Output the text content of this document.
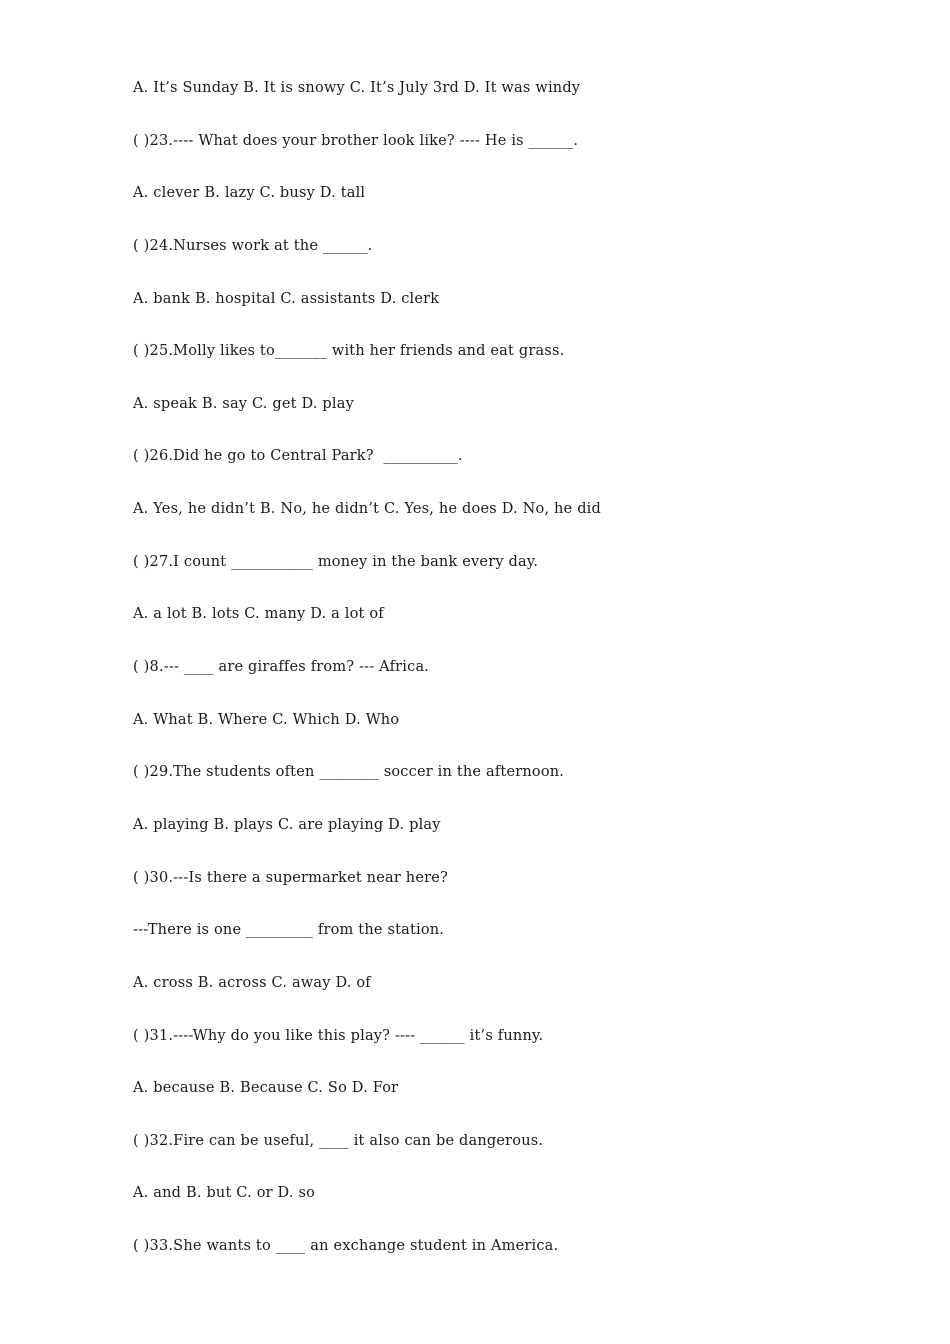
A. It’s Sunday B. It is snowy C. It’s July 3rd D. It was windy
( )23.---- What does your brother look like? ---- He is ______.
A. clever B. lazy C. busy D. tall
( )24.Nurses work at the ______.
A. bank B. hospital C. assistants D. clerk
( )25.Molly likes to_______ with her friends and eat grass.
A. speak B. say C. get D. play
( )26.Did he go to Central Park?  __________.
A. Yes, he didn’t B. No, he didn’t C. Yes, he does D. No, he did
( )27.I count ___________ money in the bank every day.
A. a lot B. lots C. many D. a lot of
( )8.--- ____ are giraffes from? --- Africa.
A. What B. Where C. Which D. Who
( )29.The students often ________ soccer in the afternoon.
A. playing B. plays C. are playing D. play
( )30.---Is there a supermarket near here?
---There is one _________ from the station.
A. cross B. across C. away D. of
( )31.----Why do you like this play? ---- ______ it’s funny.
A. because B. Because C. So D. For
( )32.Fire can be useful, ____ it also can be dangerous.
A. and B. but C. or D. so
( )33.She wants to ____ an exchange student in America.
